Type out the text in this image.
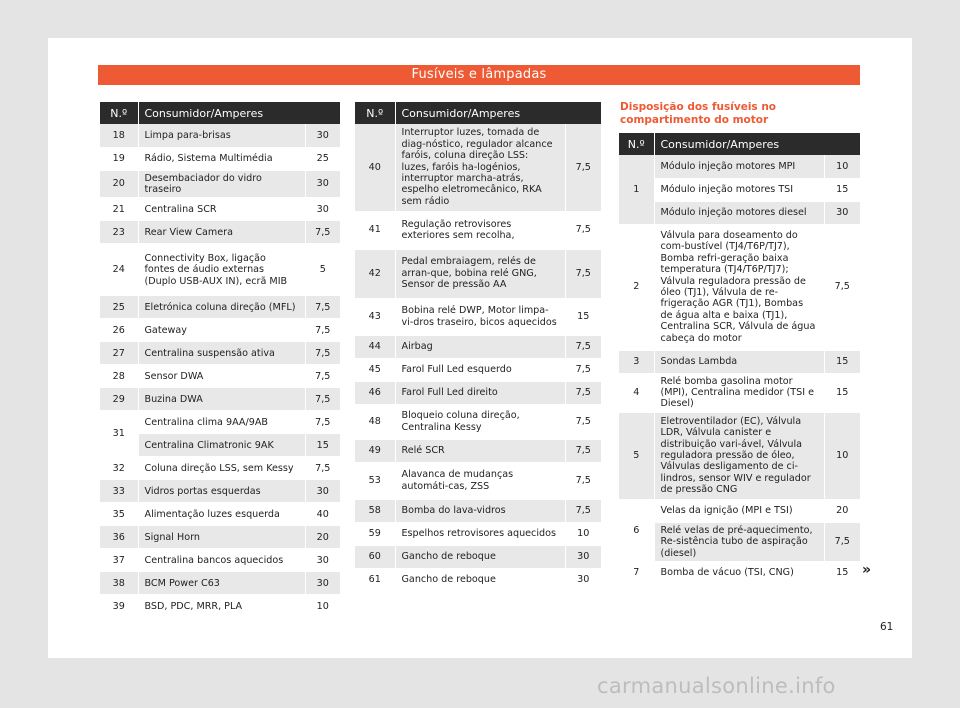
Fusíveis e lâmpadas
N.º	Consumidor/Amperes	
18	Limpa para-brisas	30
19	Rádio, Sistema Multimédia	25
20	Desembaciador do vidro traseiro	30
21	Centralina SCR	30
23	Rear View Camera	7,5
24	Connectivity Box, ligação fontes de áudio externas (Duplo USB-AUX IN), ecrã MIB	5
25	Eletrónica coluna direção (MFL)	7,5
26	Gateway	7,5
27	Centralina suspensão ativa	7,5
28	Sensor DWA	7,5
29	Buzina DWA	7,5
31	Centralina clima 9AA/9AB	7,5
	Centralina Climatronic 9AK	15
32	Coluna direção LSS, sem Kessy	7,5
33	Vidros portas esquerdas	30
35	Alimentação luzes esquerda	40
36	Signal Horn	20
37	Centralina bancos aquecidos	30
38	BCM Power C63	30
39	BSD, PDC, MRR, PLA	10
N.º	Consumidor/Amperes	
40	Interruptor luzes, tomada de diag-nóstico, regulador alcance faróis, coluna direção LSS: luzes, faróis ha-logénios, interruptor marcha-atrás, espelho eletromecânico, RKA sem rádio	7,5
41	Regulação retrovisores exteriores sem recolha,	7,5
42	Pedal embraiagem, relés de arran-que, bobina relé GNG, Sensor de pressão AA	7,5
43	Bobina relé DWP, Motor limpa-vi-dros traseiro, bicos aquecidos	15
44	Airbag	7,5
45	Farol Full Led esquerdo	7,5
46	Farol Full Led direito	7,5
48	Bloqueio coluna direção, Centralina Kessy	7,5
49	Relé SCR	7,5
53	Alavanca de mudanças automáti-cas, ZSS	7,5
58	Bomba do lava-vidros	7,5
59	Espelhos retrovisores aquecidos	10
60	Gancho de reboque	30
61	Gancho de reboque	30
Disposição dos fusíveis no compartimento do motor
N.º	Consumidor/Amperes	
1	Módulo injeção motores MPI	10
	Módulo injeção motores TSI	15
	Módulo injeção motores diesel	30
2	Válvula para doseamento do com-bustível (TJ4/T6P/TJ7), Bomba refri-geração baixa temperatura (TJ4/T6P/TJ7); Válvula reguladora pressão de óleo (TJ1), Válvula de re-frigeração AGR (TJ1), Bombas de água alta e baixa (TJ1), Centralina SCR, Válvula de água cabeça do motor	7,5
3	Sondas Lambda	15
4	Relé bomba gasolina motor (MPI), Centralina medidor (TSI e Diesel)	15
5	Eletroventilador (EC), Válvula LDR, Válvula canister e distribuição vari-ável, Válvula reguladora pressão de óleo, Válvulas desligamento de ci-lindros, sensor WIV e regulador de pressão CNG	10
6	Velas da ignição (MPI e TSI)	20
	Relé velas de pré-aquecimento, Re-sistência tubo de aspiração (diesel)	7,5
7	Bomba de vácuo (TSI, CNG)	15 »
61
carmanualsonline.info
